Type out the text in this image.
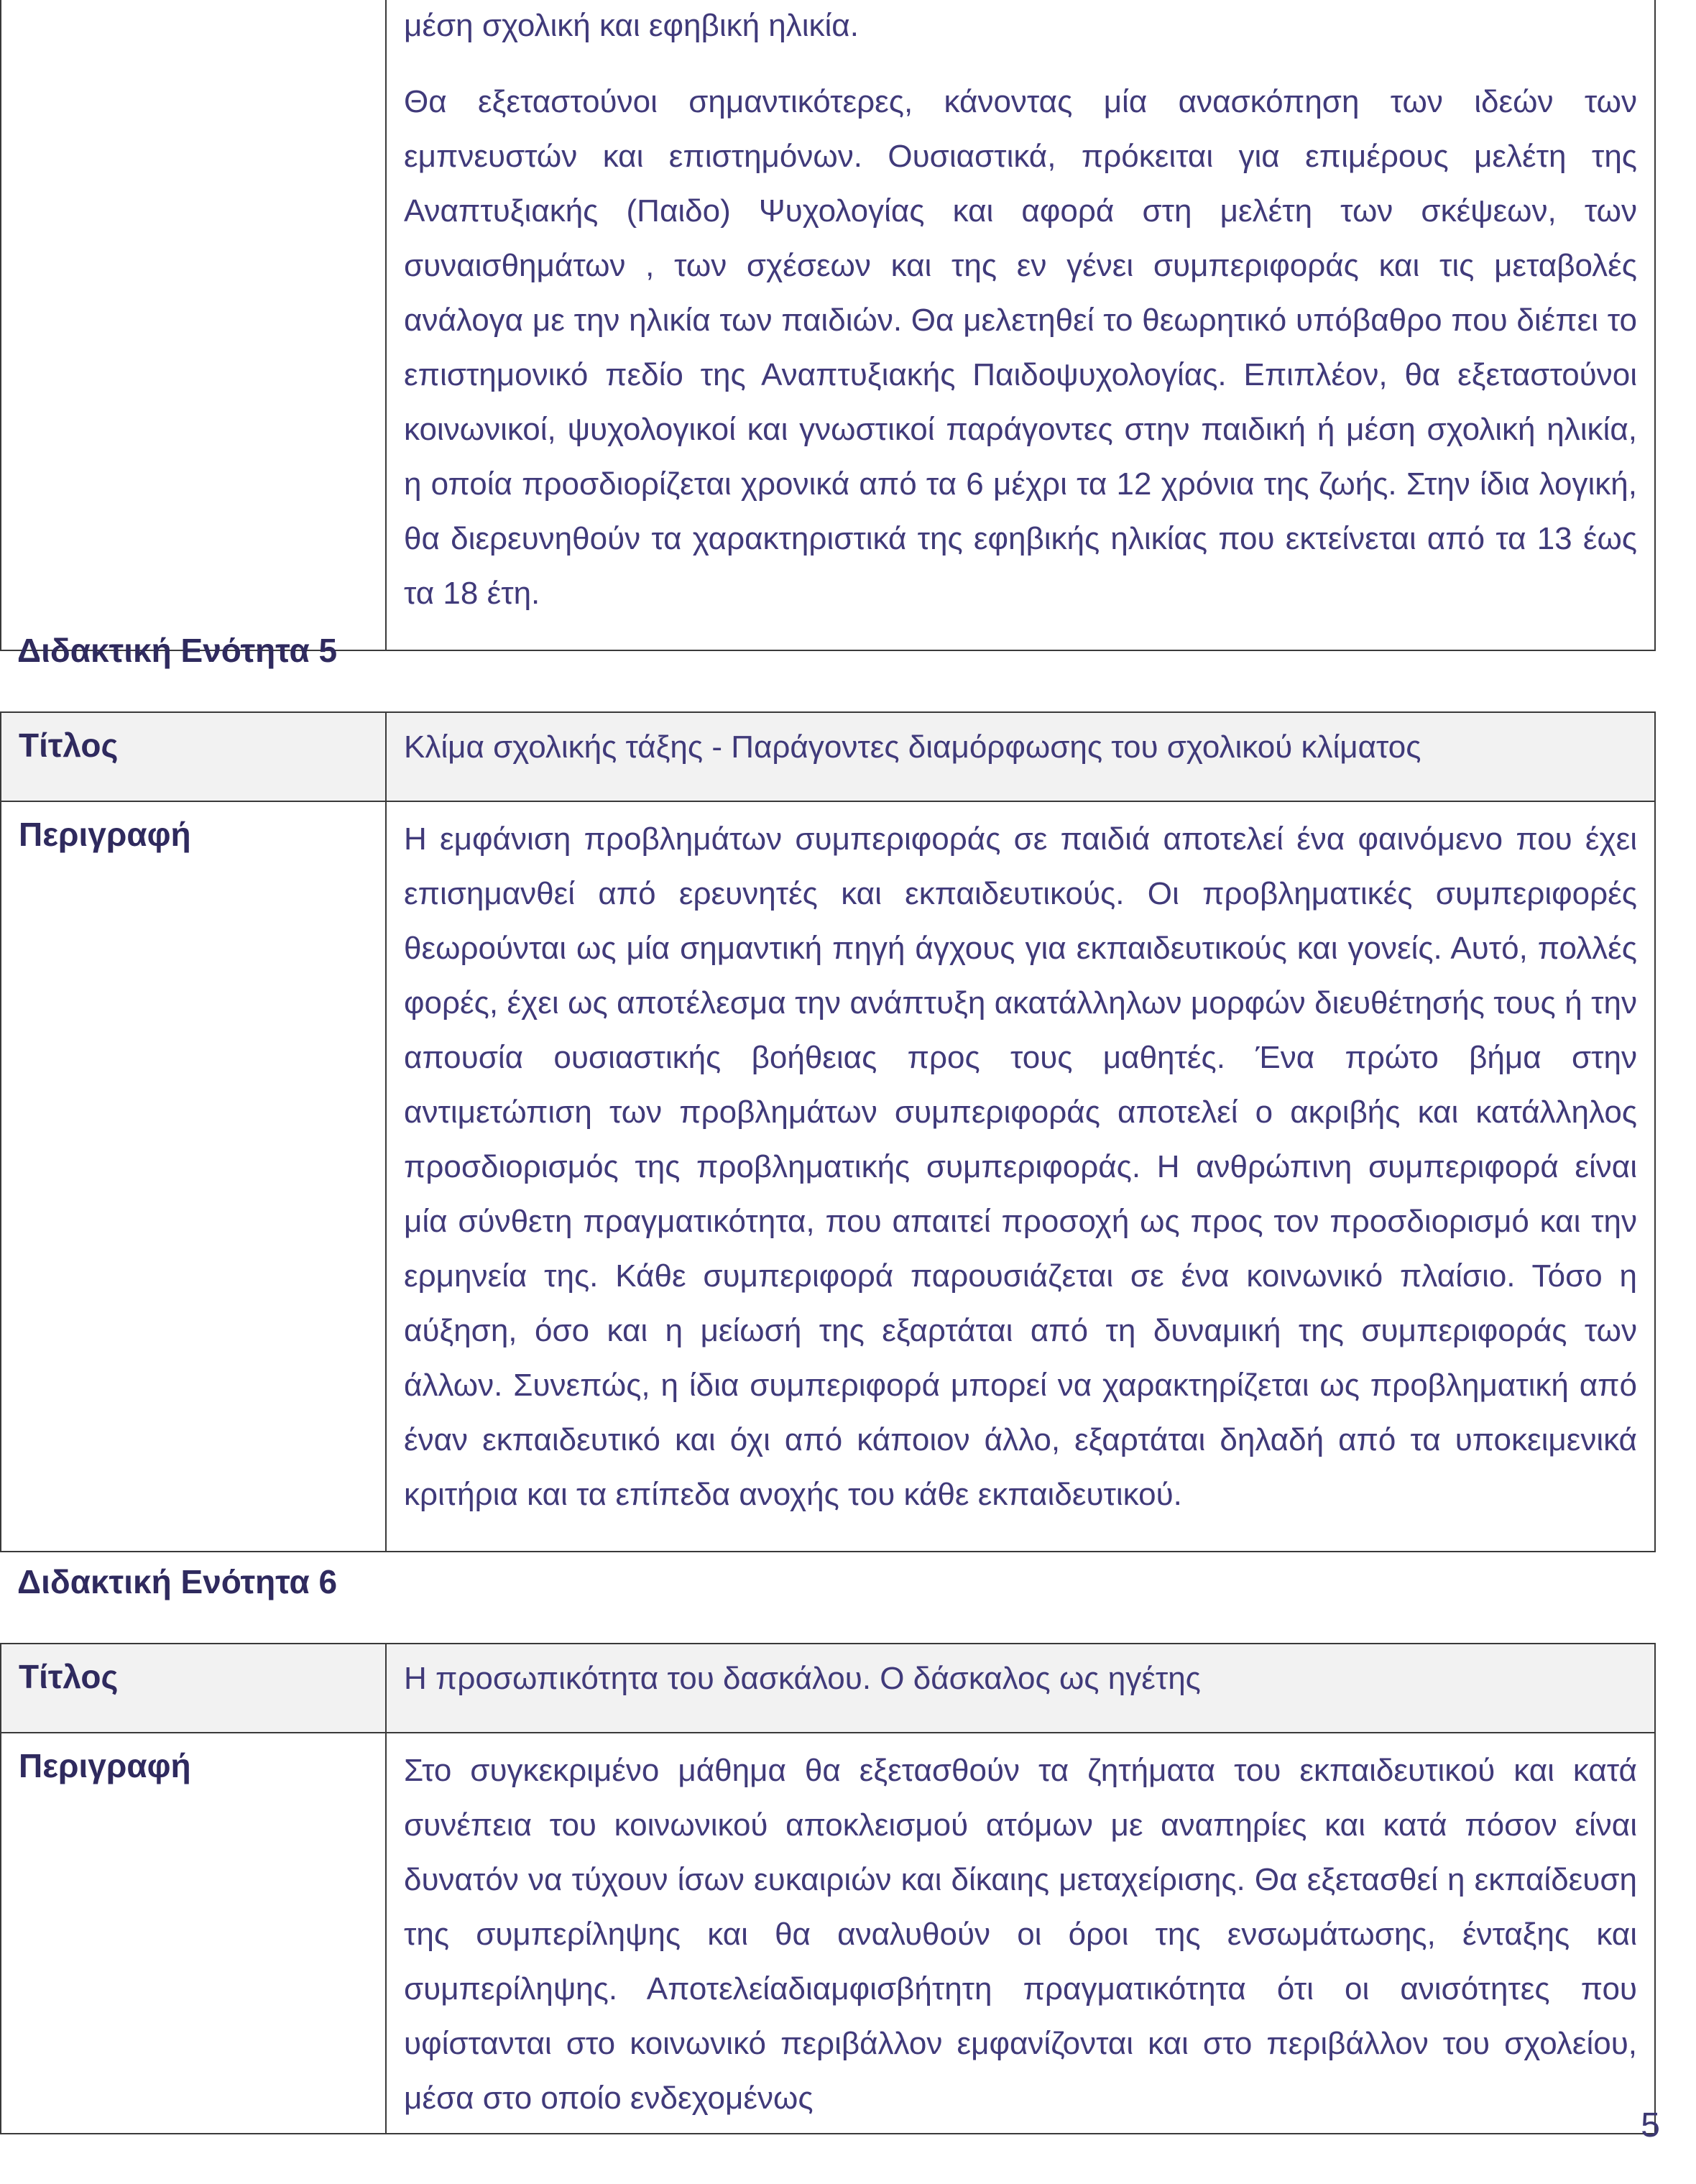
μέση σχολική και εφηβική ηλικία.

Θα εξεταστούνοι σημαντικότερες, κάνοντας μία ανασκόπηση των ιδεών των εμπνευστών και επιστημόνων. Ουσιαστικά, πρόκειται για επιμέρους μελέτη της Αναπτυξιακής (Παιδο) Ψυχολογίας και αφορά στη μελέτη των σκέψεων, των συναισθημάτων , των σχέσεων και της εν γένει συμπεριφοράς και τις μεταβολές ανάλογα με την ηλικία των παιδιών. Θα μελετηθεί το θεωρητικό υπόβαθρο που διέπει το επιστημονικό πεδίο της Αναπτυξιακής Παιδοψυχολογίας. Επιπλέον, θα εξεταστούνοι κοινωνικοί, ψυχολογικοί και γνωστικοί παράγοντες στην παιδική ή μέση σχολική ηλικία, η οποία προσδιορίζεται χρονικά από τα 6 μέχρι τα 12 χρόνια της ζωής. Στην ίδια λογική, θα διερευνηθούν τα χαρακτηριστικά της εφηβικής ηλικίας που εκτείνεται από τα 13 έως τα 18 έτη.

Διδακτική Ενότητα 5
Τίτλος	Κλίμα σχολικής τάξης - Παράγοντες διαμόρφωσης του σχολικού κλίματος
Περιγραφή	Η εμφάνιση προβλημάτων συμπεριφοράς σε παιδιά αποτελεί ένα φαινόμενο που έχει επισημανθεί από ερευνητές και εκπαιδευτικούς. Οι προβληματικές συμπεριφορές θεωρούνται ως μία σημαντική πηγή άγχους για εκπαιδευτικούς και γονείς. Αυτό, πολλές φορές, έχει ως αποτέλεσμα την ανάπτυξη ακατάλληλων μορφών διευθέτησής τους ή την απουσία ουσιαστικής βοήθειας προς τους μαθητές. Ένα πρώτο βήμα στην αντιμετώπιση των προβλημάτων συμπεριφοράς αποτελεί ο ακριβής και κατάλληλος προσδιορισμός της προβληματικής συμπεριφοράς. Η ανθρώπινη συμπεριφορά είναι μία σύνθετη πραγματικότητα, που απαιτεί προσοχή ως προς τον προσδιορισμό και την ερμηνεία της. Κάθε συμπεριφορά παρουσιάζεται σε ένα κοινωνικό πλαίσιο. Τόσο η αύξηση, όσο και η μείωσή της εξαρτάται από τη δυναμική της συμπεριφοράς των άλλων. Συνεπώς, η ίδια συμπεριφορά μπορεί να χαρακτηρίζεται ως προβληματική από έναν εκπαιδευτικό και όχι από κάποιον άλλο, εξαρτάται δηλαδή από τα υποκειμενικά κριτήρια και τα επίπεδα ανοχής του κάθε εκπαιδευτικού.
Διδακτική Ενότητα 6
Τίτλος	Η προσωπικότητα του δασκάλου. Ο δάσκαλος ως ηγέτης
Περιγραφή	Στο συγκεκριμένο μάθημα θα εξετασθούν τα ζητήματα του εκπαιδευτικού και κατά συνέπεια του κοινωνικού αποκλεισμού ατόμων με αναπηρίες και κατά πόσον είναι δυνατόν να τύχουν ίσων ευκαιριών και δίκαιης μεταχείρισης. Θα εξετασθεί η εκπαίδευση της συμπερίληψης και θα αναλυθούν οι όροι της ενσωμάτωσης, ένταξης και συμπερίληψης. Αποτελείαδιαμφισβήτητη πραγματικότητα ότι οι ανισότητες που υφίστανται στο κοινωνικό περιβάλλον εμφανίζονται και στο περιβάλλον του σχολείου, μέσα στο οποίο ενδεχομένως
5
